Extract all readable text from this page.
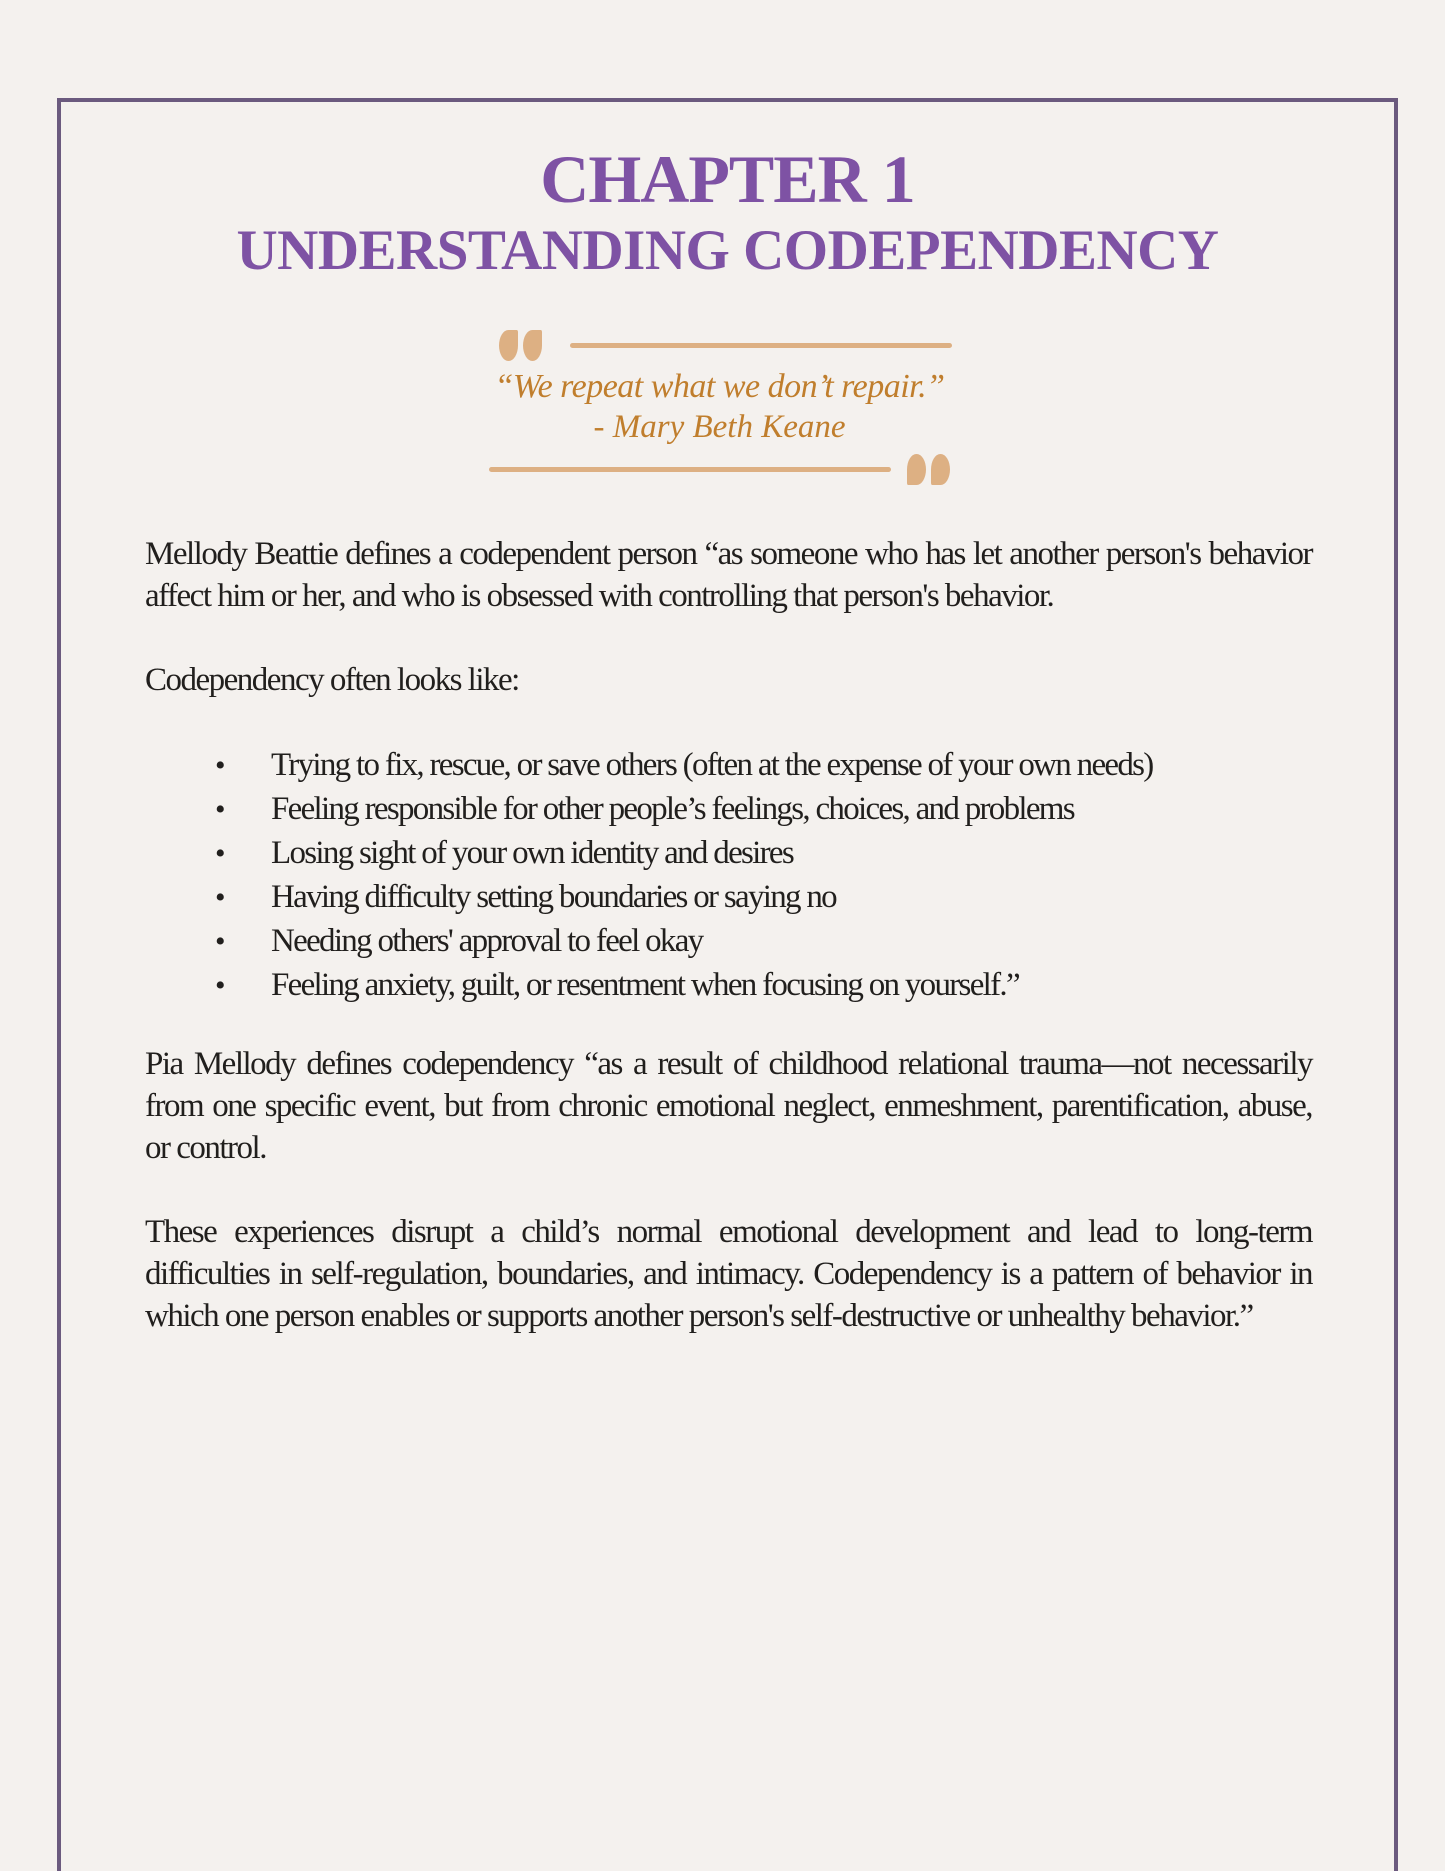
CHAPTER 1
UNDERSTANDING CODEPENDENCY

“We repeat what we don’t repair.”

- Mary Beth Keane

Mellody Beattie defines a codependent person “as someone who has let another person's behavior affect him or her, and who is obsessed with controlling that person's behavior.

Codependency often looks like:

• Trying to fix, rescue, or save others (often at the expense of your own needs)
• Feeling responsible for other people’s feelings, choices, and problems
• Losing sight of your own identity and desires
• Having difficulty setting boundaries or saying no
• Needing others' approval to feel okay
• Feeling anxiety, guilt, or resentment when focusing on yourself.”

Pia Mellody defines codependency “as a result of childhood relational trauma—not necessarily from one specific event, but from chronic emotional neglect, enmeshment, parentification, abuse, or control.

These experiences disrupt a child’s normal emotional development and lead to long-term difficulties in self-regulation, boundaries, and intimacy. Codependency is a pattern of behavior in which one person enables or supports another person's self-destructive or unhealthy behavior.”
